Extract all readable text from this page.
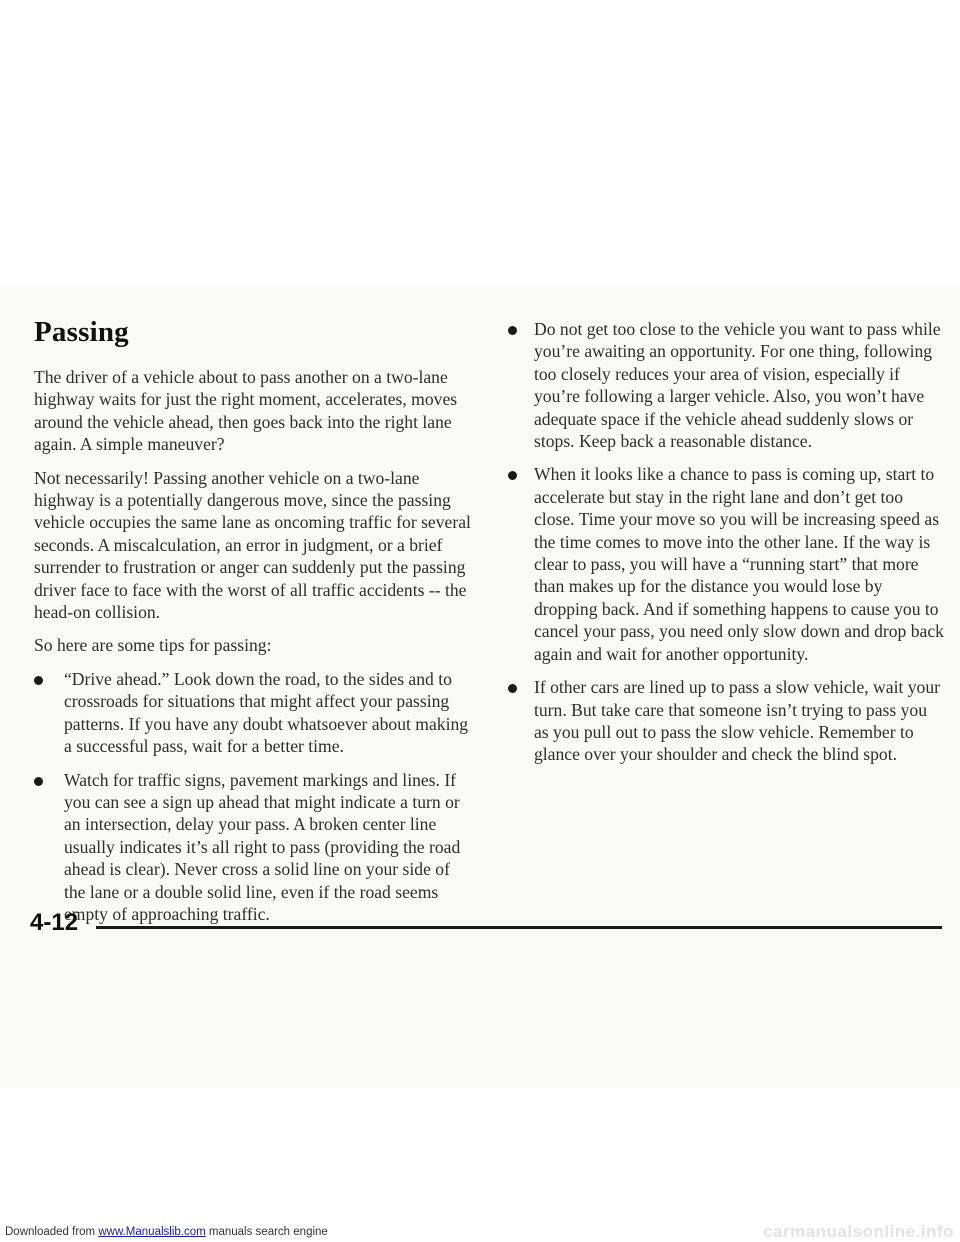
Passing

The driver of a vehicle about to pass another on a two-lane highway waits for just the right moment, accelerates, moves around the vehicle ahead, then goes back into the right lane again. A simple maneuver?

Not necessarily! Passing another vehicle on a two-lane highway is a potentially dangerous move, since the passing vehicle occupies the same lane as oncoming traffic for several seconds. A miscalculation, an error in judgment, or a brief surrender to frustration or anger can suddenly put the passing driver face to face with the worst of all traffic accidents -- the head-on collision.

So here are some tips for passing:

“Drive ahead.” Look down the road, to the sides and to crossroads for situations that might affect your passing patterns. If you have any doubt whatsoever about making a successful pass, wait for a better time.
Watch for traffic signs, pavement markings and lines. If you can see a sign up ahead that might indicate a turn or an intersection, delay your pass. A broken center line usually indicates it’s all right to pass (providing the road ahead is clear). Never cross a solid line on your side of the lane or a double solid line, even if the road seems empty of approaching traffic.
Do not get too close to the vehicle you want to pass while you’re awaiting an opportunity. For one thing, following too closely reduces your area of vision, especially if you’re following a larger vehicle. Also, you won’t have adequate space if the vehicle ahead suddenly slows or stops. Keep back a reasonable distance.
When it looks like a chance to pass is coming up, start to accelerate but stay in the right lane and don’t get too close. Time your move so you will be increasing speed as the time comes to move into the other lane. If the way is clear to pass, you will have a “running start” that more than makes up for the distance you would lose by dropping back. And if something happens to cause you to cancel your pass, you need only slow down and drop back again and wait for another opportunity.
If other cars are lined up to pass a slow vehicle, wait your turn. But take care that someone isn’t trying to pass you as you pull out to pass the slow vehicle. Remember to glance over your shoulder and check the blind spot.
4-12
Downloaded from www.Manualslib.com manuals search engine	carmanualsonline.info
